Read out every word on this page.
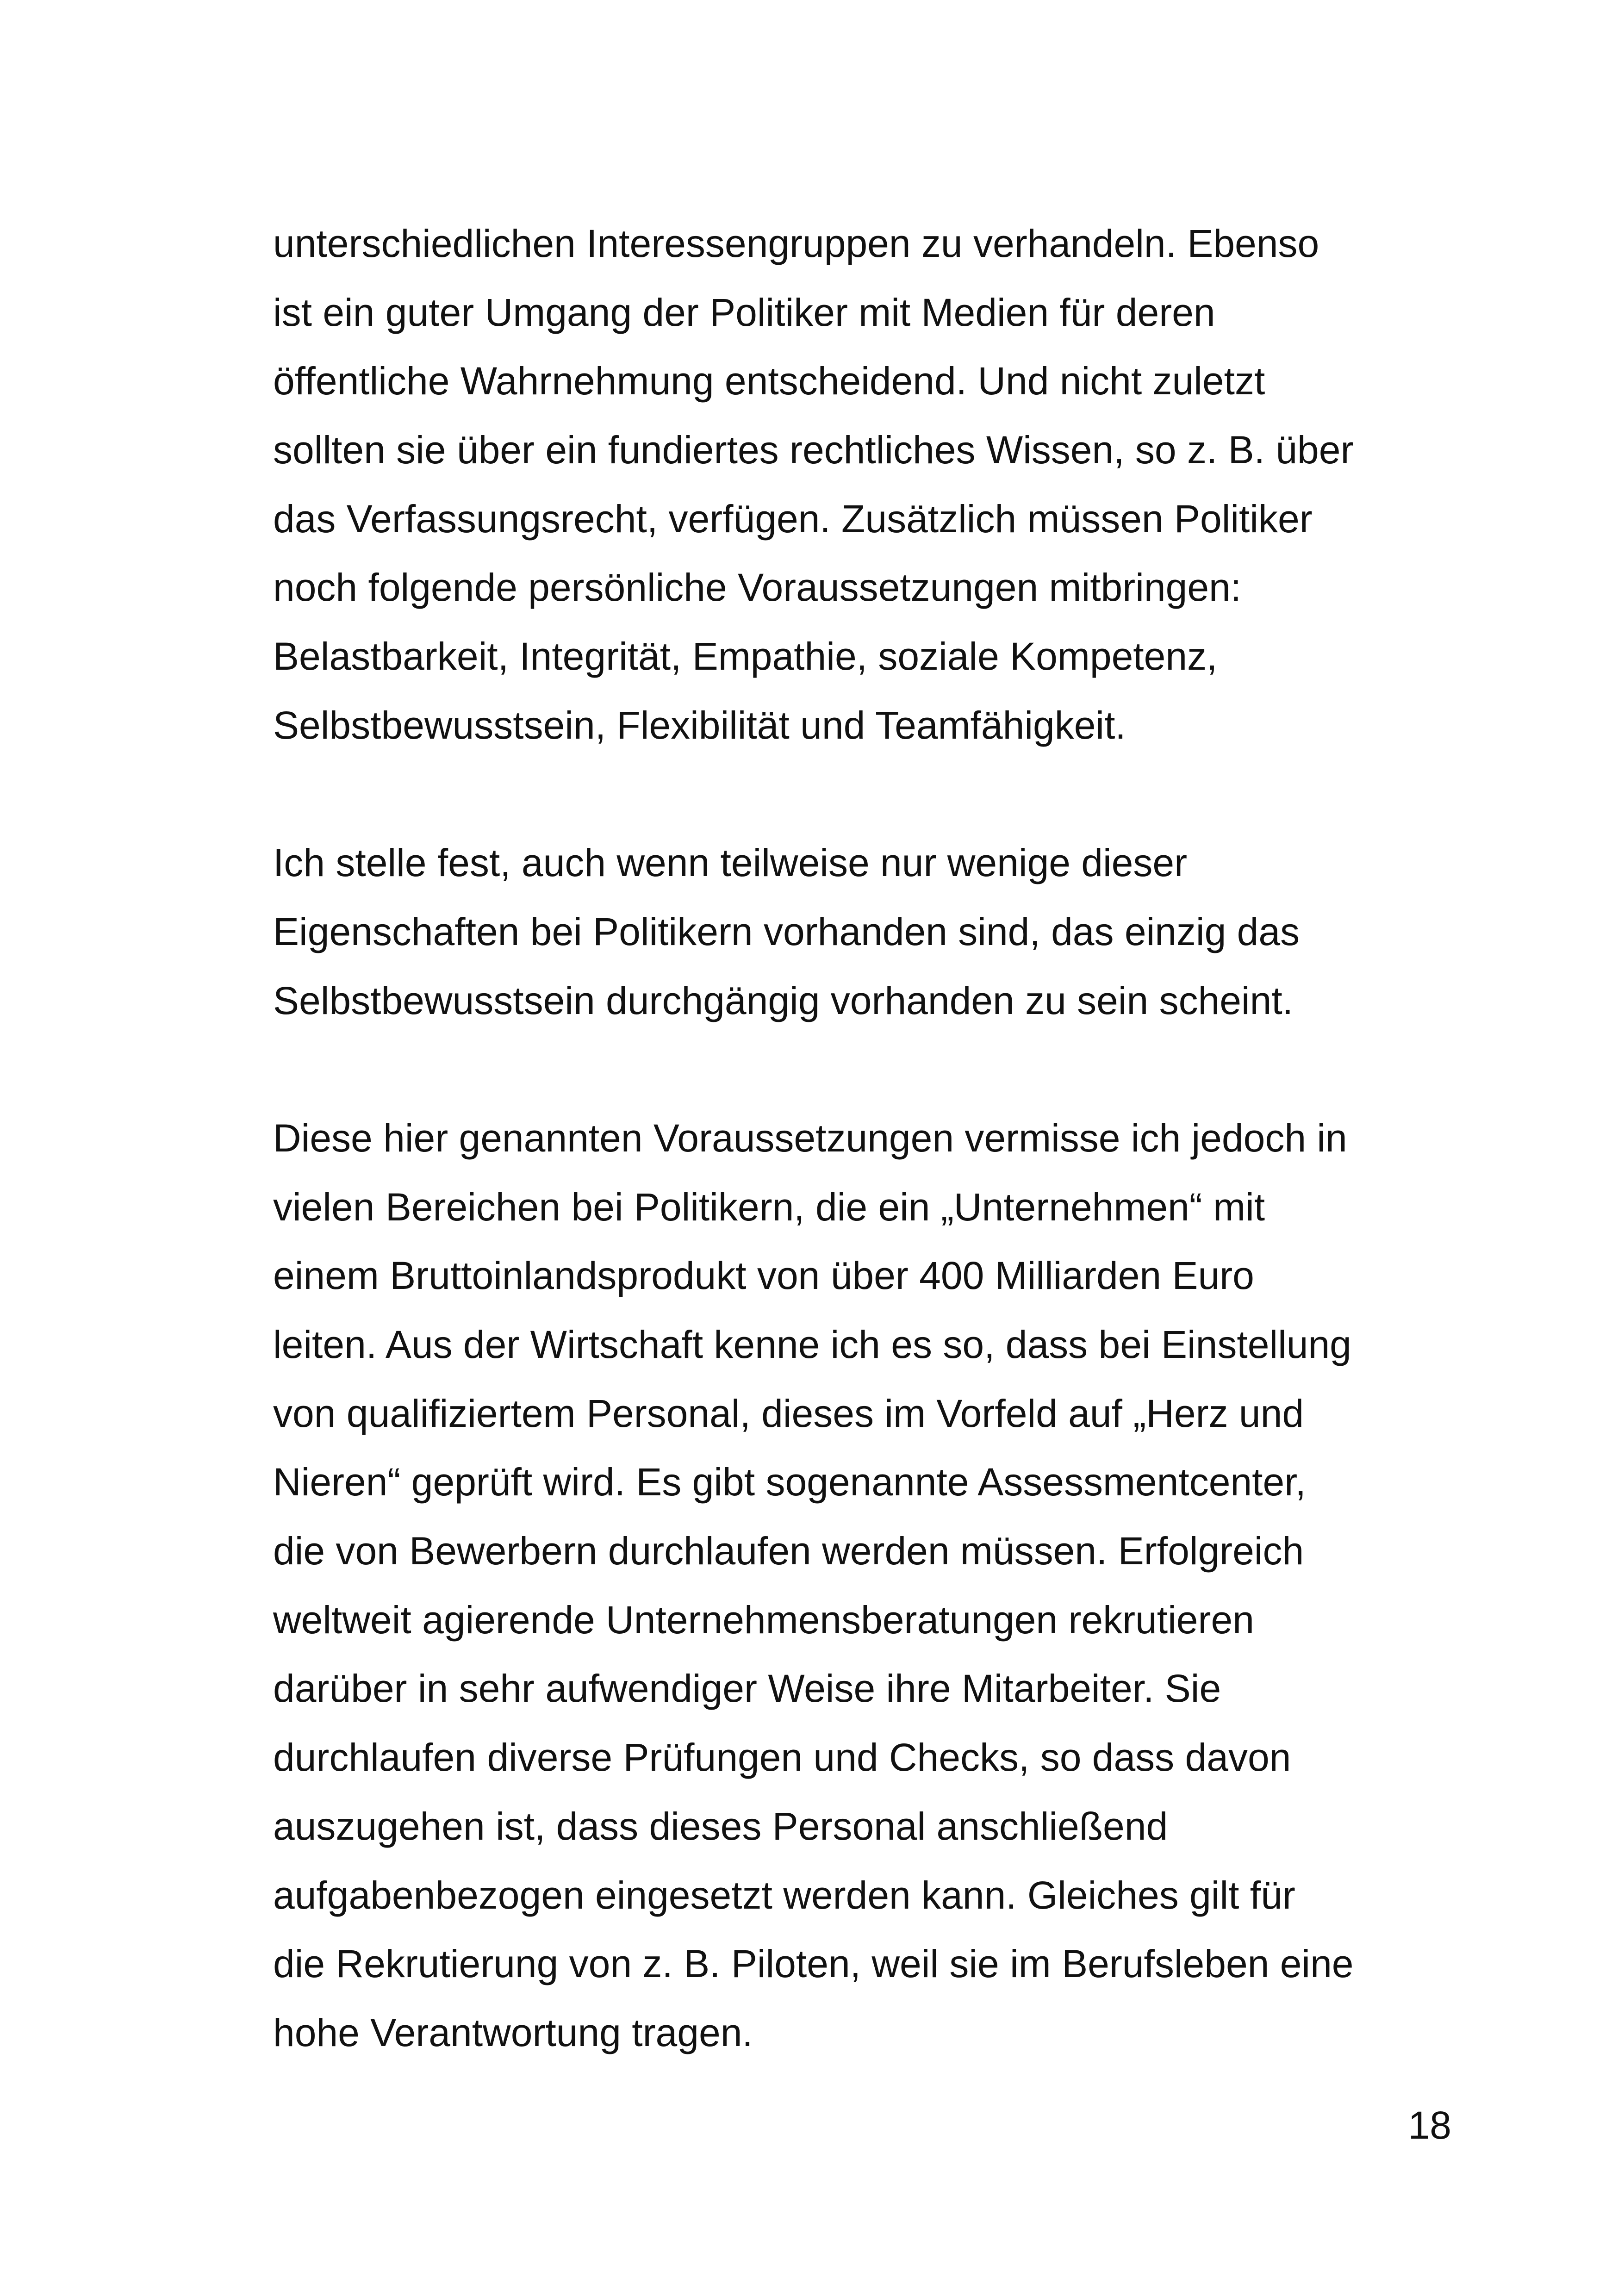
unterschiedlichen Interessengruppen zu verhandeln. Ebenso
ist ein guter Umgang der Politiker mit Medien für deren
öffentliche Wahrnehmung entscheidend. Und nicht zuletzt
sollten sie über ein fundiertes rechtliches Wissen, so z. B. über
das Verfassungsrecht, verfügen. Zusätzlich müssen Politiker
noch folgende persönliche Voraussetzungen mitbringen:
Belastbarkeit, Integrität, Empathie, soziale Kompetenz,
Selbstbewusstsein, Flexibilität und Teamfähigkeit.

Ich stelle fest, auch wenn teilweise nur wenige dieser
Eigenschaften bei Politikern vorhanden sind, das einzig das
Selbstbewusstsein durchgängig vorhanden zu sein scheint.

Diese hier genannten Voraussetzungen vermisse ich jedoch in
vielen Bereichen bei Politikern, die ein „Unternehmen“ mit
einem Bruttoinlandsprodukt von über 400 Milliarden Euro
leiten. Aus der Wirtschaft kenne ich es so, dass bei Einstellung
von qualifiziertem Personal, dieses im Vorfeld auf „Herz und
Nieren“ geprüft wird. Es gibt sogenannte Assessmentcenter,
die von Bewerbern durchlaufen werden müssen. Erfolgreich
weltweit agierende Unternehmensberatungen rekrutieren
darüber in sehr aufwendiger Weise ihre Mitarbeiter. Sie
durchlaufen diverse Prüfungen und Checks, so dass davon
auszugehen ist, dass dieses Personal anschließend
aufgabenbezogen eingesetzt werden kann. Gleiches gilt für
die Rekrutierung von z. B. Piloten, weil sie im Berufsleben eine
hohe Verantwortung tragen.

18
